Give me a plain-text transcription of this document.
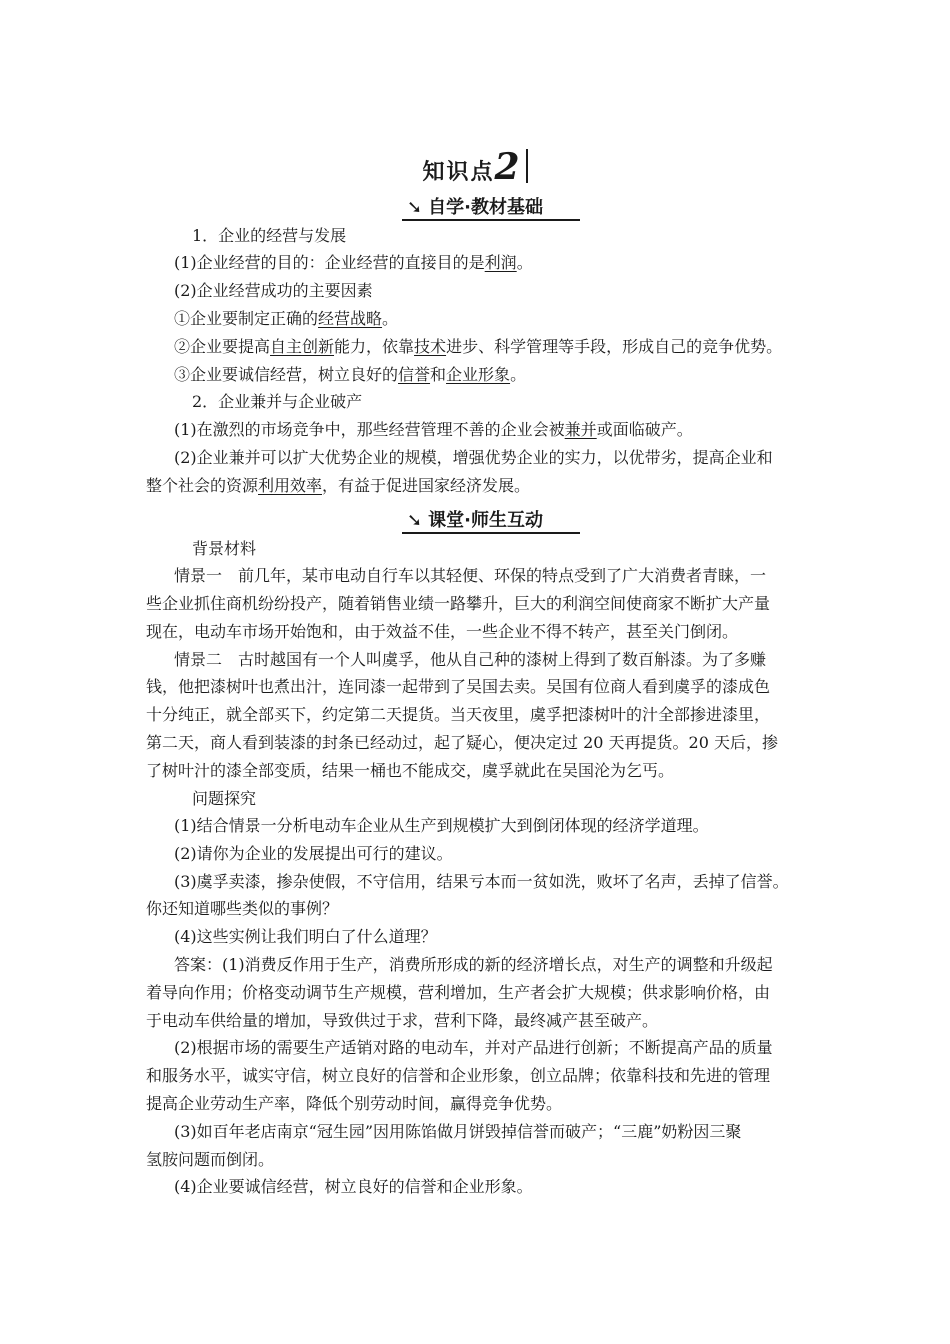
知识点2
➘ 自学·教材基础
1．企业的经营与发展
(1)企业经营的目的：企业经营的直接目的是利润。
(2)企业经营成功的主要因素
①企业要制定正确的经营战略。
②企业要提高自主创新能力，依靠技术进步、科学管理等手段，形成自己的竞争优势。
③企业要诚信经营，树立良好的信誉和企业形象。
2．企业兼并与企业破产
(1)在激烈的市场竞争中，那些经营管理不善的企业会被兼并或面临破产。
(2)企业兼并可以扩大优势企业的规模，增强优势企业的实力，以优带劣，提高企业和
整个社会的资源利用效率，有益于促进国家经济发展。
➘ 课堂·师生互动
背景材料
情景一　前几年，某市电动自行车以其轻便、环保的特点受到了广大消费者青睐，一
些企业抓住商机纷纷投产，随着销售业绩一路攀升，巨大的利润空间使商家不断扩大产量
现在，电动车市场开始饱和，由于效益不佳，一些企业不得不转产，甚至关门倒闭。
情景二　古时越国有一个人叫虞孚，他从自己种的漆树上得到了数百斛漆。为了多赚
钱，他把漆树叶也煮出汁，连同漆一起带到了吴国去卖。吴国有位商人看到虞孚的漆成色
十分纯正，就全部买下，约定第二天提货。当天夜里，虞孚把漆树叶的汁全部掺进漆里，
第二天，商人看到装漆的封条已经动过，起了疑心，便决定过 20 天再提货。20 天后，掺
了树叶汁的漆全部变质，结果一桶也不能成交，虞孚就此在吴国沦为乞丐。
问题探究
(1)结合情景一分析电动车企业从生产到规模扩大到倒闭体现的经济学道理。
(2)请你为企业的发展提出可行的建议。
(3)虞孚卖漆，掺杂使假，不守信用，结果亏本而一贫如洗，败坏了名声，丢掉了信誉。
你还知道哪些类似的事例？
(4)这些实例让我们明白了什么道理？
答案：(1)消费反作用于生产，消费所形成的新的经济增长点，对生产的调整和升级起
着导向作用；价格变动调节生产规模，营利增加，生产者会扩大规模；供求影响价格，由
于电动车供给量的增加，导致供过于求，营利下降，最终减产甚至破产。
(2)根据市场的需要生产适销对路的电动车，并对产品进行创新；不断提高产品的质量
和服务水平，诚实守信，树立良好的信誉和企业形象，创立品牌；依靠科技和先进的管理
提高企业劳动生产率，降低个别劳动时间，赢得竞争优势。
(3)如百年老店南京“冠生园”因用陈馅做月饼毁掉信誉而破产；“三鹿”奶粉因三聚
氢胺问题而倒闭。
(4)企业要诚信经营，树立良好的信誉和企业形象。
